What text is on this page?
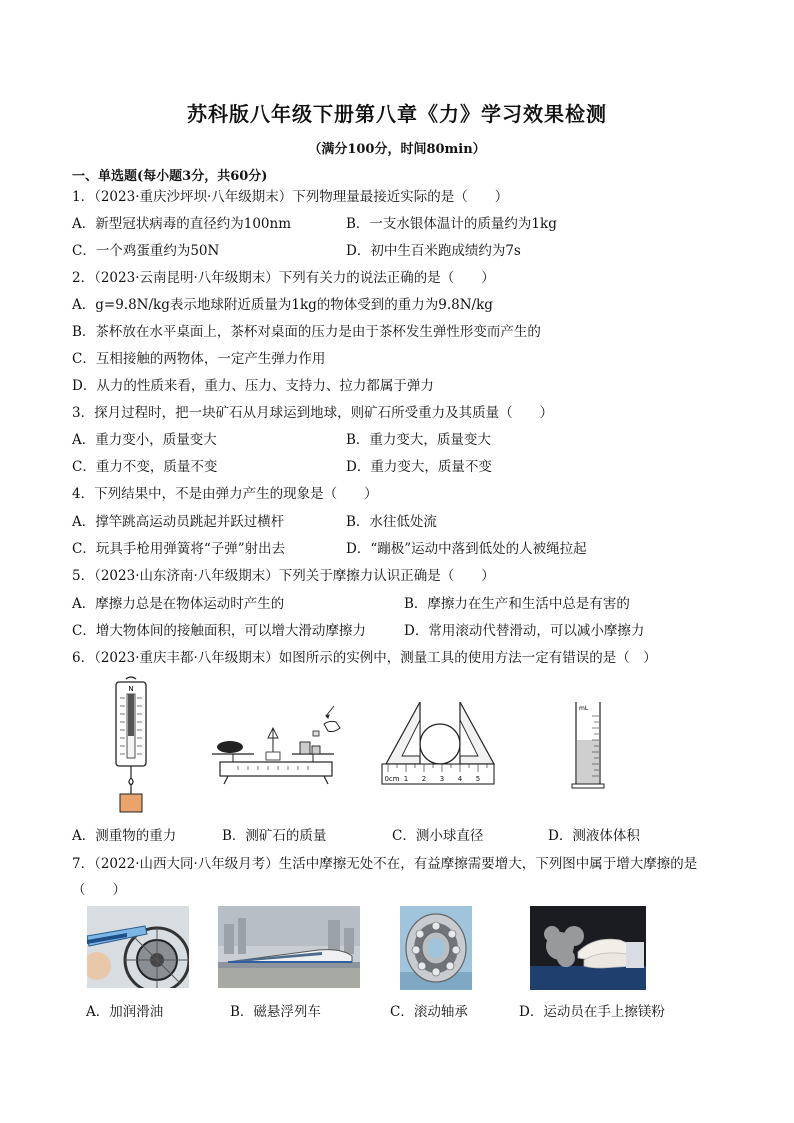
苏科版八年级下册第八章《力》学习效果检测
（满分100分，时间80min）
一、单选题(每小题3分，共60分)
1．（2023·重庆沙坪坝·八年级期末）下列物理量最接近实际的是（　　）
A．新型冠状病毒的直径约为100nm	B．一支水银体温计的质量约为1kg
C．一个鸡蛋重约为50N	D．初中生百米跑成绩约为7s
2．（2023·云南昆明·八年级期末）下列有关力的说法正确的是（　　）
A．g=9.8N/kg表示地球附近质量为1kg的物体受到的重力为9.8N/kg
B．茶杯放在水平桌面上，茶杯对桌面的压力是由于茶杯发生弹性形变而产生的
C．互相接触的两物体，一定产生弹力作用
D．从力的性质来看，重力、压力、支持力、拉力都属于弹力
3．探月过程时，把一块矿石从月球运到地球，则矿石所受重力及其质量（　　）
A．重力变小，质量变大	B．重力变大，质量变大
C．重力不变，质量不变	D．重力变大，质量不变
4．下列结果中，不是由弹力产生的现象是（　　）
A．撑竿跳高运动员跳起并跃过横杆	B．水往低处流
C．玩具手枪用弹簧将“子弹”射出去	D．“蹦极”运动中落到低处的人被绳拉起
5．（2023·山东济南·八年级期末）下列关于摩擦力认识正确是（　　）
A．摩擦力总是在物体运动时产生的	B．摩擦力在生产和生活中总是有害的
C．增大物体间的接触面积，可以增大滑动摩擦力	D．常用滚动代替滑动，可以减小摩擦力
6．（2023·重庆丰都·八年级期末）如图所示的实例中，测量工具的使用方法一定有错误的是（　）
N
0cm 1 2 3 4 5
mL
A．测重物的重力	B．测矿石的质量	C．测小球直径	D．测液体体积
7．（2022·山西大同·八年级月考）生活中摩擦无处不在，有益摩擦需要增大，下列图中属于增大摩擦的是
（　　）
A．加润滑油	B．磁悬浮列车	C．滚动轴承	D．运动员在手上擦镁粉
